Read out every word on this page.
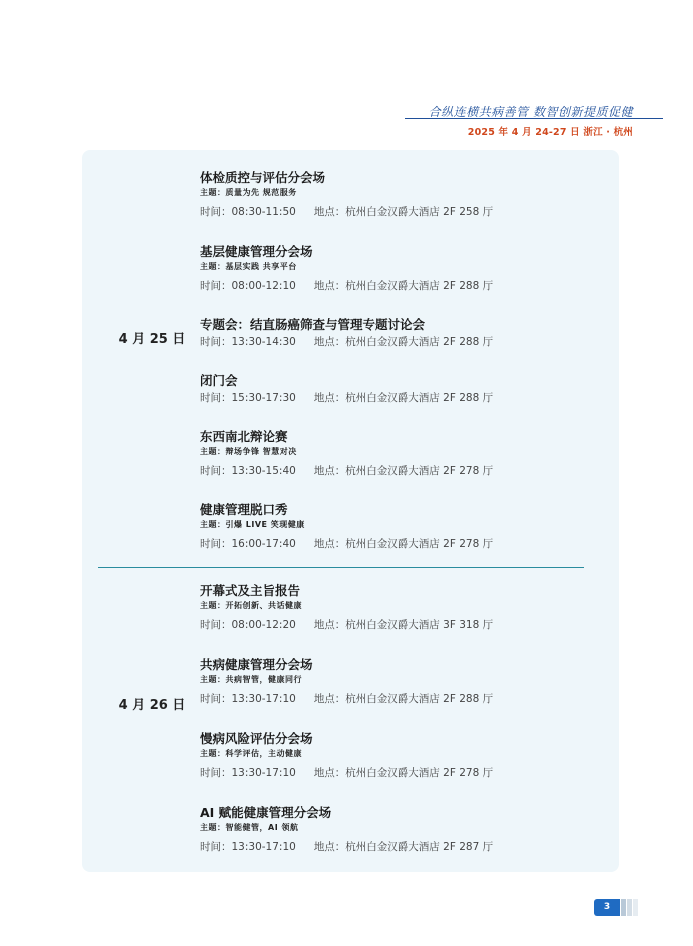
合纵连横共病善管 数智创新提质促健
2025 年 4 月 24-27 日 浙江 · 杭州
4 月 25 日
体检质控与评估分会场
主题：质量为先 规范服务
时间：08:30-11:50 地点：杭州白金汉爵大酒店 2F 258 厅
基层健康管理分会场
主题：基层实践 共享平台
时间：08:00-12:10 地点：杭州白金汉爵大酒店 2F 288 厅
专题会：结直肠癌筛查与管理专题讨论会
时间：13:30-14:30 地点：杭州白金汉爵大酒店 2F 288 厅
闭门会
时间：15:30-17:30 地点：杭州白金汉爵大酒店 2F 288 厅
东西南北辩论赛
主题：辩场争锋 智慧对决
时间：13:30-15:40 地点：杭州白金汉爵大酒店 2F 278 厅
健康管理脱口秀
主题：引爆 LIVE 笑现健康
时间：16:00-17:40 地点：杭州白金汉爵大酒店 2F 278 厅
4 月 26 日
开幕式及主旨报告
主题：开拓创新、共话健康
时间：08:00-12:20 地点：杭州白金汉爵大酒店 3F 318 厅
共病健康管理分会场
主题：共病智管，健康同行
时间：13:30-17:10 地点：杭州白金汉爵大酒店 2F 288 厅
慢病风险评估分会场
主题：科学评估，主动健康
时间：13:30-17:10 地点：杭州白金汉爵大酒店 2F 278 厅
AI 赋能健康管理分会场
主题：智能健管，AI 领航
时间：13:30-17:10 地点：杭州白金汉爵大酒店 2F 287 厅
3
